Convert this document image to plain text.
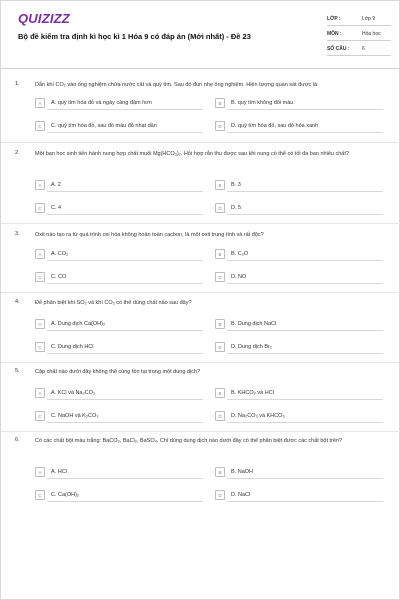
QUIZIZZ
Bộ đề kiểm tra định kì học kì 1 Hóa 9 có đáp án (Mới nhất) - Đề 23
LỚP :	Lớp 9
MÔN :	Hóa học
SỐ CÂU :	6
1.	Dẫn khí CO₂ vào ống nghiệm chứa nước cất và quỳ tím. Sau đó đun nhẹ ống nghiệm. Hiện tượng quan sát được là:
A	A. quỳ tím hóa đỏ và ngày càng đậm hơn	B	B. quỳ tím không đổi màu
C	C. quỳ tím hóa đỏ, sau đó màu đỏ nhạt dần	D	D. quỳ tím hóa đỏ, sau đó hóa xanh
2.	Một bạn học sinh tiến hành nung hợp chất muối Mg(HCO₃)₂. Hỏi hợp rắn thu được sau khi nung có thể có tối đa bao nhiêu chất?
A	A. 2	B	B. 3
C	C. 4	D	D. 5
3.	Oxit nào tạo ra từ quá trình oxi hóa không hoàn toàn cacbon, là một oxit trung tính và rất độc?
A	A. CO₂	B	B. C₂O
C	C. CO	D	D. NO
4.	Để phân biệt khí SO₂ và khí CO₂ có thể dùng chất nào sau đây?
A	A. Dung dịch Ca(OH)₂	B	B. Dung dịch NaCl
C	C. Dung dịch HCl	D	D. Dung dịch Br₂
5.	Cặp chất nào dưới đây không thể cùng tồn tại trong một dung dịch?
A	A. KCl và Na₂CO₃	B	B. KHCO₃ và HCl
C	C. NaOH và K₂CO₃	D	D. Na₂CO₃ và KHCO₃
6.	Có các chất bột màu trắng: BaCO₃, BaCl₂, BaSO₄. Chỉ dùng dung dịch nào dưới đây có thể phân biệt được các chất bột trên?
A	A. HCl	B	B. NaOH
C	C. Ca(OH)₂	D	D. NaCl
